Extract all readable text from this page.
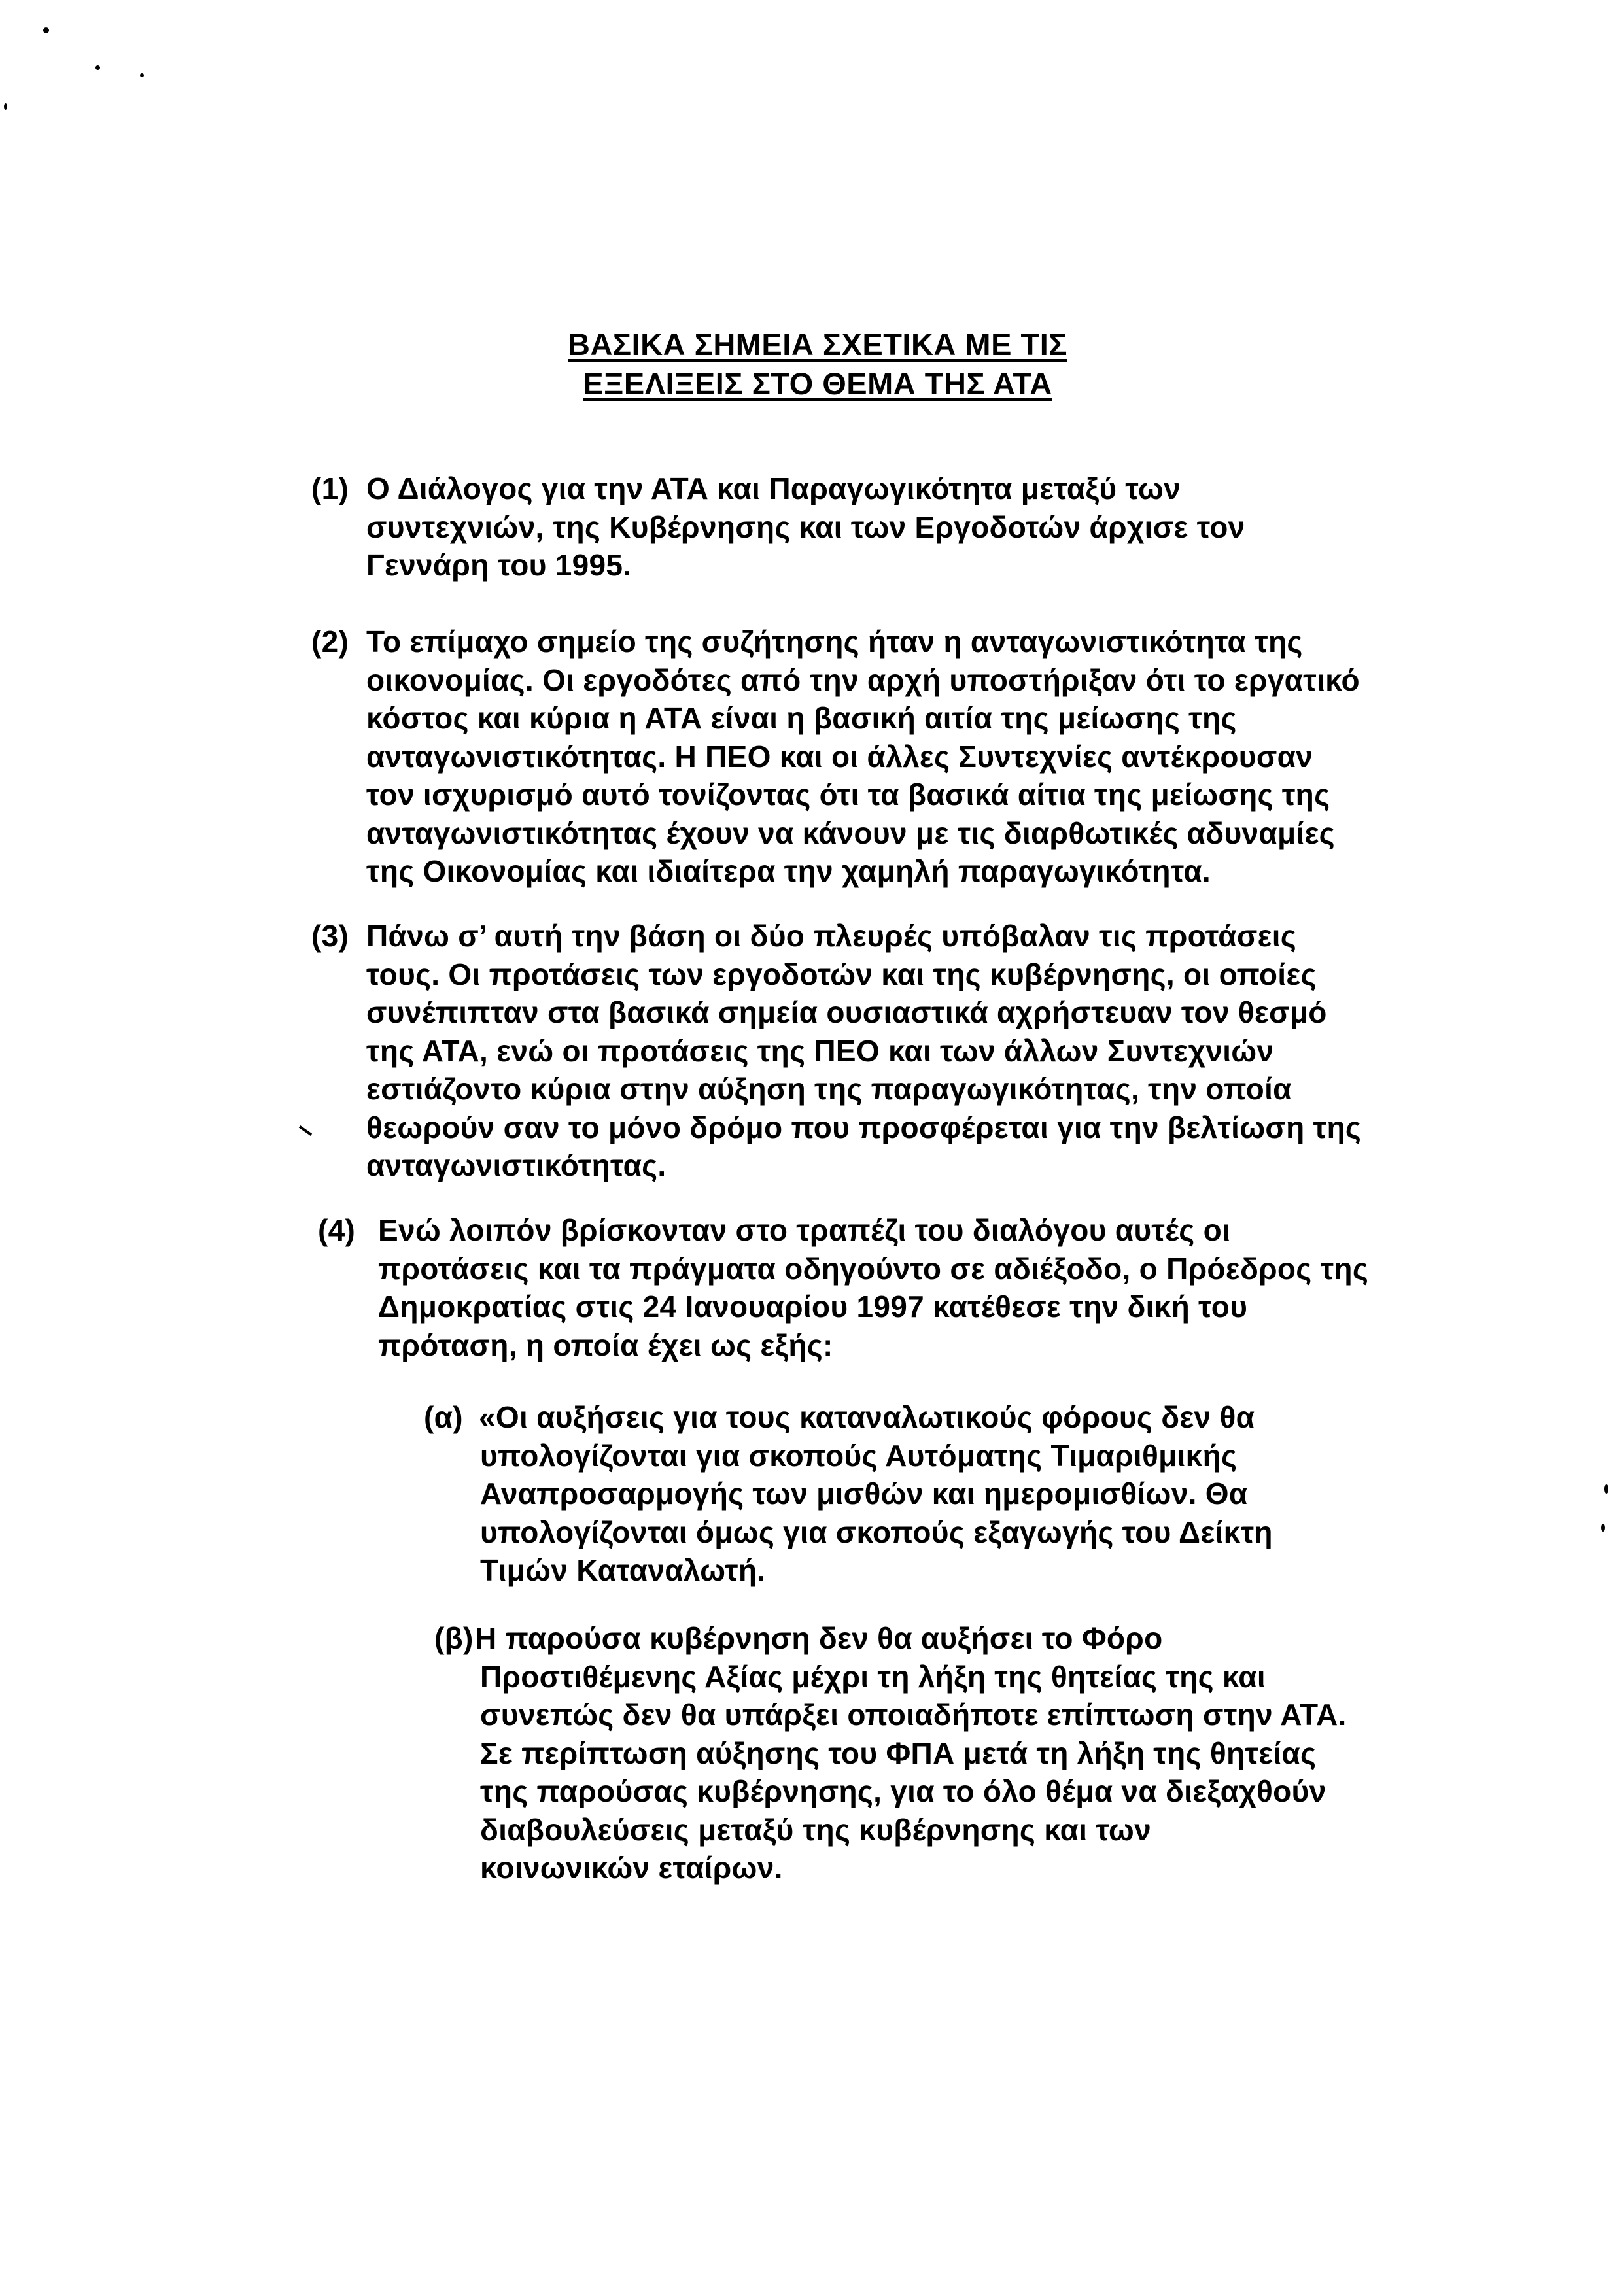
ΒΑΣΙΚΑ ΣΗΜΕΙΑ ΣΧΕΤΙΚΑ ΜΕ ΤΙΣ
ΕΞΕΛΙΞΕΙΣ ΣΤΟ ΘΕΜΑ ΤΗΣ ΑΤΑ
(1) Ο Διάλογος για την ΑΤΑ και Παραγωγικότητα μεταξύ των
συντεχνιών, της Κυβέρνησης και των Εργοδοτών άρχισε τον
Γεννάρη του 1995.
(2) Το επίμαχο σημείο της συζήτησης ήταν η ανταγωνιστικότητα της
οικονομίας. Οι εργοδότες από την αρχή υποστήριξαν ότι το εργατικό
κόστος και κύρια η ΑΤΑ είναι η βασική αιτία της μείωσης της
ανταγωνιστικότητας. Η ΠΕΟ και οι άλλες Συντεχνίες αντέκρουσαν
τον ισχυρισμό αυτό τονίζοντας ότι τα βασικά αίτια της μείωσης της
ανταγωνιστικότητας έχουν να κάνουν με τις διαρθωτικές αδυναμίες
της Οικονομίας και ιδιαίτερα την χαμηλή παραγωγικότητα.
(3) Πάνω σ’ αυτή την βάση οι δύο πλευρές υπόβαλαν τις προτάσεις
τους. Οι προτάσεις των εργοδοτών και της κυβέρνησης, οι οποίες
συνέπιπταν στα βασικά σημεία ουσιαστικά αχρήστευαν τον θεσμό
της ΑΤΑ, ενώ οι προτάσεις της ΠΕΟ και των άλλων Συντεχνιών
εστιάζοντο κύρια στην αύξηση της παραγωγικότητας, την οποία
θεωρούν σαν το μόνο δρόμο που προσφέρεται για την βελτίωση της
ανταγωνιστικότητας.
(4) Ενώ λοιπόν βρίσκονταν στο τραπέζι του διαλόγου αυτές οι
προτάσεις και τα πράγματα οδηγούντο σε αδιέξοδο, ο Πρόεδρος της
Δημοκρατίας στις 24 Ιανουαρίου 1997 κατέθεσε την δική του
πρόταση, η οποία έχει ως εξής:
(α) «Οι αυξήσεις για τους καταναλωτικούς φόρους δεν θα
υπολογίζονται για σκοπούς Αυτόματης Τιμαριθμικής
Αναπροσαρμογής των μισθών και ημερομισθίων. Θα
υπολογίζονται όμως για σκοπούς εξαγωγής του Δείκτη
Τιμών Καταναλωτή.
(β) Η παρούσα κυβέρνηση δεν θα αυξήσει το Φόρο
Προστιθέμενης Αξίας μέχρι τη λήξη της θητείας της και
συνεπώς δεν θα υπάρξει οποιαδήποτε επίπτωση στην ΑΤΑ.
Σε περίπτωση αύξησης του ΦΠΑ μετά τη λήξη της θητείας
της παρούσας κυβέρνησης, για το όλο θέμα να διεξαχθούν
διαβουλεύσεις μεταξύ της κυβέρνησης και των
κοινωνικών εταίρων.
